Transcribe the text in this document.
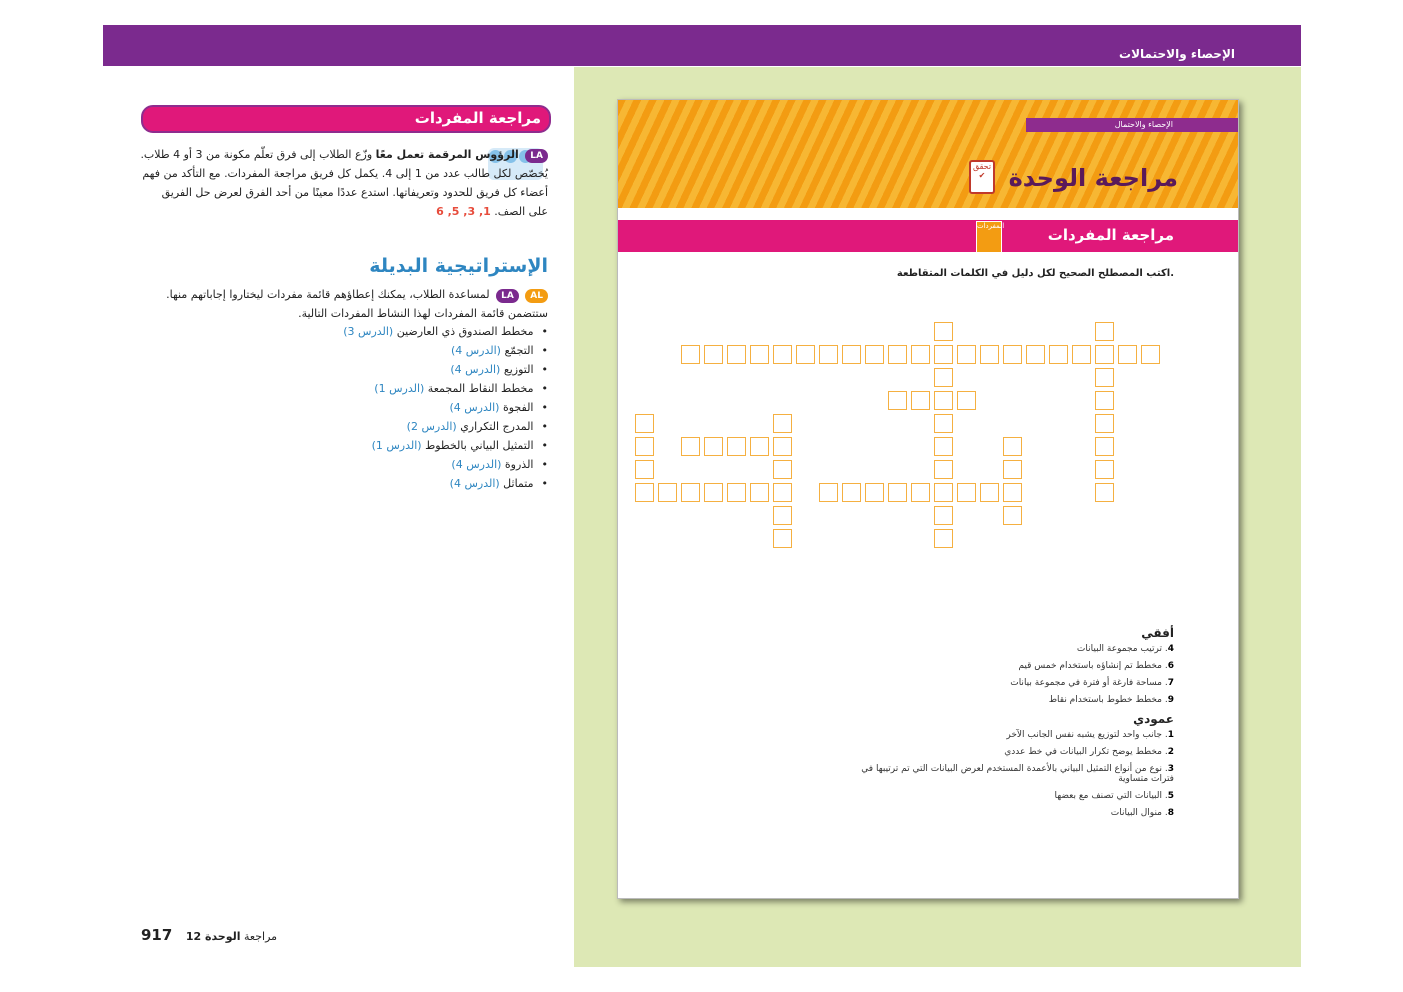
الإحصاء والاحتمالات
مراجعة المفردات
LA الرؤوس المرقمة تعمل معًا وزّع الطلاب إلى فرق تعلّم مكونة من 3 أو 4 طلاب. يُخصّص لكل طالب عدد من 1 إلى 4. يكمل كل فريق مراجعة المفردات. مع التأكد من فهم أعضاء كل فريق للحدود وتعريفاتها. استدع عددًا معينًا من أحد الفرق لعرض حل الفريق على الصف. 1, 3, 5, 6
الإستراتيجية البديلة
AL LA لمساعدة الطلاب، يمكنك إعطاؤهم قائمة مفردات ليختاروا إجاباتهم منها. ستتضمن قائمة المفردات لهذا النشاط المفردات التالية.
•مخطط الصندوق ذي العارضين (الدرس 3)
•التجمّع (الدرس 4)
•التوزيع (الدرس 4)
•مخطط النقاط المجمعة (الدرس 1)
•الفجوة (الدرس 4)
•المدرج التكراري (الدرس 2)
•التمثيل البياني بالخطوط (الدرس 1)
•الذروة (الدرس 4)
•متماثل (الدرس 4)
917	مراجعة الوحدة 12
الإحصاء والاحتمال
مراجعة الوحدة
تحقق
✔
مراجعة المفردات
المفردات
اكتب المصطلح الصحيح لكل دليل في الكلمات المتقاطعة.
أفقي
4. ترتيب مجموعة البيانات
6. مخطط تم إنشاؤه باستخدام خمس قيم
7. مساحة فارغة أو فترة في مجموعة بيانات
9. مخطط خطوط باستخدام نقاط
عمودي
1. جانب واحد لتوزيع يشبه نفس الجانب الآخر
2. مخطط يوضح تكرار البيانات في خط عددي
3. نوع من أنواع التمثيل البياني بالأعمدة المستخدم لعرض البيانات التي تم ترتيبها في فترات متساوية
5. البيانات التي تصنف مع بعضها
8. منوال البيانات
